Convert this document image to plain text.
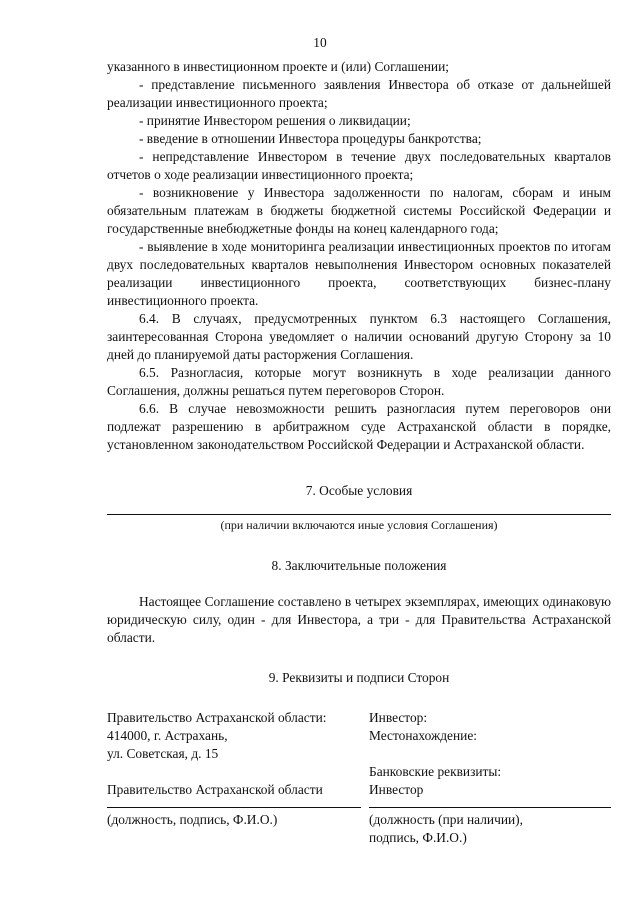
10

указанного в инвестиционном проекте и (или) Соглашении;

- представление письменного заявления Инвестора об отказе от дальнейшей реализации инвестиционного проекта;

- принятие Инвестором решения о ликвидации;

- введение в отношении Инвестора процедуры банкротства;

- непредставление Инвестором в течение двух последовательных кварталов отчетов о ходе реализации инвестиционного проекта;

- возникновение у Инвестора задолженности по налогам, сборам и иным обязательным платежам в бюджеты бюджетной системы Российской Федерации и государственные внебюджетные фонды на конец календарного года;

- выявление в ходе мониторинга реализации инвестиционных проектов по итогам двух последовательных кварталов невыполнения Инвестором основных показателей реализации инвестиционного проекта, соответствующих бизнес-плану инвестиционного проекта.

6.4. В случаях, предусмотренных пунктом 6.3 настоящего Соглашения, заинтересованная Сторона уведомляет о наличии оснований другую Сторону за 10 дней до планируемой даты расторжения Соглашения.

6.5. Разногласия, которые могут возникнуть в ходе реализации данного Соглашения, должны решаться путем переговоров Сторон.

6.6. В случае невозможности решить разногласия путем переговоров они подлежат разрешению в арбитражном суде Астраханской области в порядке, установленном законодательством Российской Федерации и Астраханской области.

7. Особые условия

(при наличии включаются иные условия Соглашения)

8. Заключительные положения

Настоящее Соглашение составлено в четырех экземплярах, имеющих одинаковую юридическую силу, один - для Инвестора, а три - для Правительства Астраханской области.

9. Реквизиты и подписи Сторон

Правительство Астраханской области:

414000, г. Астрахань,

ул. Советская, д. 15

Правительство Астраханской области

Инвестор:

Местонахождение:

Банковские реквизиты:

Инвестор

(должность, подпись, Ф.И.О.)	(должность (при наличии),

подпись, Ф.И.О.)
